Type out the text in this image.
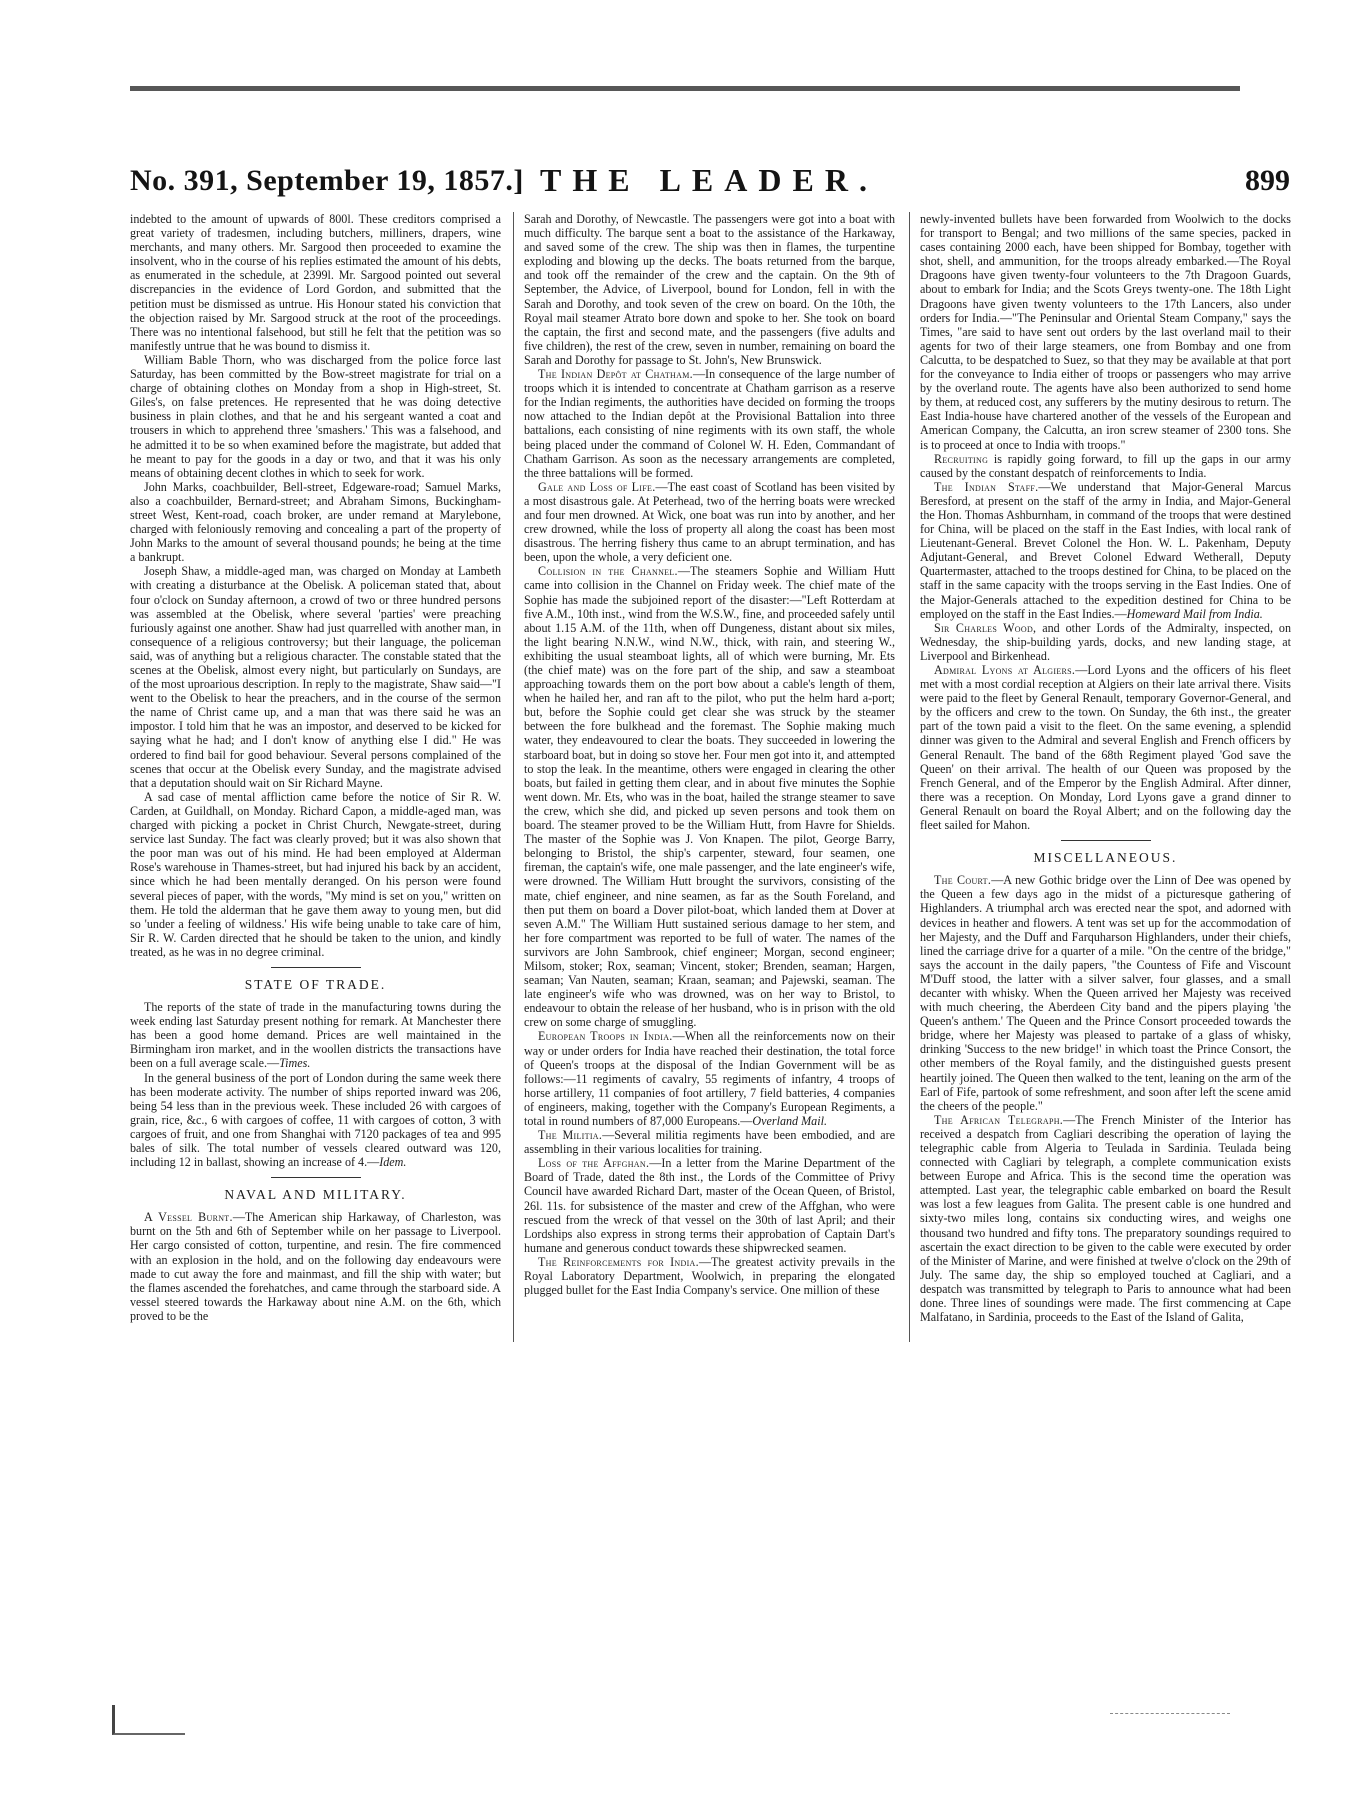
No. 391, September 19, 1857.] THE LEADER.	899

indebted to the amount of upwards of 800l. These creditors comprised a great variety of tradesmen, including butchers, milliners, drapers, wine merchants, and many others. Mr. Sargood then proceeded to examine the insolvent, who in the course of his replies estimated the amount of his debts, as enumerated in the schedule, at 2399l. Mr. Sargood pointed out several discrepancies in the evidence of Lord Gordon, and submitted that the petition must be dismissed as untrue. His Honour stated his conviction that the objection raised by Mr. Sargood struck at the root of the proceedings. There was no intentional falsehood, but still he felt that the petition was so manifestly untrue that he was bound to dismiss it.

William Bable Thorn, who was discharged from the police force last Saturday, has been committed by the Bow-street magistrate for trial on a charge of obtaining clothes on Monday from a shop in High-street, St. Giles's, on false pretences. He represented that he was doing detective business in plain clothes, and that he and his sergeant wanted a coat and trousers in which to apprehend three 'smashers.' This was a falsehood, and he admitted it to be so when examined before the magistrate, but added that he meant to pay for the goods in a day or two, and that it was his only means of obtaining decent clothes in which to seek for work.

John Marks, coachbuilder, Bell-street, Edgeware-road; Samuel Marks, also a coachbuilder, Bernard-street; and Abraham Simons, Buckingham-street West, Kent-road, coach broker, are under remand at Marylebone, charged with feloniously removing and concealing a part of the property of John Marks to the amount of several thousand pounds; he being at the time a bankrupt.

Joseph Shaw, a middle-aged man, was charged on Monday at Lambeth with creating a disturbance at the Obelisk. A policeman stated that, about four o'clock on Sunday afternoon, a crowd of two or three hundred persons was assembled at the Obelisk, where several 'parties' were preaching furiously against one another. Shaw had just quarrelled with another man, in consequence of a religious controversy; but their language, the policeman said, was of anything but a religious character. The constable stated that the scenes at the Obelisk, almost every night, but particularly on Sundays, are of the most uproarious description. In reply to the magistrate, Shaw said—"I went to the Obelisk to hear the preachers, and in the course of the sermon the name of Christ came up, and a man that was there said he was an impostor. I told him that he was an impostor, and deserved to be kicked for saying what he had; and I don't know of anything else I did." He was ordered to find bail for good behaviour. Several persons complained of the scenes that occur at the Obelisk every Sunday, and the magistrate advised that a deputation should wait on Sir Richard Mayne.

A sad case of mental affliction came before the notice of Sir R. W. Carden, at Guildhall, on Monday. Richard Capon, a middle-aged man, was charged with picking a pocket in Christ Church, Newgate-street, during service last Sunday. The fact was clearly proved; but it was also shown that the poor man was out of his mind. He had been employed at Alderman Rose's warehouse in Thames-street, but had injured his back by an accident, since which he had been mentally deranged. On his person were found several pieces of paper, with the words, "My mind is set on you," written on them. He told the alderman that he gave them away to young men, but did so 'under a feeling of wildness.' His wife being unable to take care of him, Sir R. W. Carden directed that he should be taken to the union, and kindly treated, as he was in no degree criminal.

STATE OF TRADE.

The reports of the state of trade in the manufacturing towns during the week ending last Saturday present nothing for remark. At Manchester there has been a good home demand. Prices are well maintained in the Birmingham iron market, and in the woollen districts the transactions have been on a full average scale.—Times.

In the general business of the port of London during the same week there has been moderate activity. The number of ships reported inward was 206, being 54 less than in the previous week. These included 26 with cargoes of grain, rice, &c., 6 with cargoes of coffee, 11 with cargoes of cotton, 3 with cargoes of fruit, and one from Shanghai with 7120 packages of tea and 995 bales of silk. The total number of vessels cleared outward was 120, including 12 in ballast, showing an increase of 4.—Idem.

NAVAL AND MILITARY.

A Vessel Burnt.—The American ship Harkaway, of Charleston, was burnt on the 5th and 6th of September while on her passage to Liverpool. Her cargo consisted of cotton, turpentine, and resin. The fire commenced with an explosion in the hold, and on the following day endeavours were made to cut away the fore and mainmast, and fill the ship with water; but the flames ascended the forehatches, and came through the starboard side. A vessel steered towards the Harkaway about nine A.M. on the 6th, which proved to be the

Sarah and Dorothy, of Newcastle. The passengers were got into a boat with much difficulty. The barque sent a boat to the assistance of the Harkaway, and saved some of the crew. The ship was then in flames, the turpentine exploding and blowing up the decks. The boats returned from the barque, and took off the remainder of the crew and the captain. On the 9th of September, the Advice, of Liverpool, bound for London, fell in with the Sarah and Dorothy, and took seven of the crew on board. On the 10th, the Royal mail steamer Atrato bore down and spoke to her. She took on board the captain, the first and second mate, and the passengers (five adults and five children), the rest of the crew, seven in number, remaining on board the Sarah and Dorothy for passage to St. John's, New Brunswick.

The Indian Depôt at Chatham.—In consequence of the large number of troops which it is intended to concentrate at Chatham garrison as a reserve for the Indian regiments, the authorities have decided on forming the troops now attached to the Indian depôt at the Provisional Battalion into three battalions, each consisting of nine regiments with its own staff, the whole being placed under the command of Colonel W. H. Eden, Commandant of Chatham Garrison. As soon as the necessary arrangements are completed, the three battalions will be formed.

Gale and Loss of Life.—The east coast of Scotland has been visited by a most disastrous gale. At Peterhead, two of the herring boats were wrecked and four men drowned. At Wick, one boat was run into by another, and her crew drowned, while the loss of property all along the coast has been most disastrous. The herring fishery thus came to an abrupt termination, and has been, upon the whole, a very deficient one.

Collision in the Channel.—The steamers Sophie and William Hutt came into collision in the Channel on Friday week. The chief mate of the Sophie has made the subjoined report of the disaster:—"Left Rotterdam at five A.M., 10th inst., wind from the W.S.W., fine, and proceeded safely until about 1.15 A.M. of the 11th, when off Dungeness, distant about six miles, the light bearing N.N.W., wind N.W., thick, with rain, and steering W., exhibiting the usual steamboat lights, all of which were burning, Mr. Ets (the chief mate) was on the fore part of the ship, and saw a steamboat approaching towards them on the port bow about a cable's length of them, when he hailed her, and ran aft to the pilot, who put the helm hard a-port; but, before the Sophie could get clear she was struck by the steamer between the fore bulkhead and the foremast. The Sophie making much water, they endeavoured to clear the boats. They succeeded in lowering the starboard boat, but in doing so stove her. Four men got into it, and attempted to stop the leak. In the meantime, others were engaged in clearing the other boats, but failed in getting them clear, and in about five minutes the Sophie went down. Mr. Ets, who was in the boat, hailed the strange steamer to save the crew, which she did, and picked up seven persons and took them on board. The steamer proved to be the William Hutt, from Havre for Shields. The master of the Sophie was J. Von Knapen. The pilot, George Barry, belonging to Bristol, the ship's carpenter, steward, four seamen, one fireman, the captain's wife, one male passenger, and the late engineer's wife, were drowned. The William Hutt brought the survivors, consisting of the mate, chief engineer, and nine seamen, as far as the South Foreland, and then put them on board a Dover pilot-boat, which landed them at Dover at seven A.M." The William Hutt sustained serious damage to her stem, and her fore compartment was reported to be full of water. The names of the survivors are John Sambrook, chief engineer; Morgan, second engineer; Milsom, stoker; Rox, seaman; Vincent, stoker; Brenden, seaman; Hargen, seaman; Van Nauten, seaman; Kraan, seaman; and Pajewski, seaman. The late engineer's wife who was drowned, was on her way to Bristol, to endeavour to obtain the release of her husband, who is in prison with the old crew on some charge of smuggling.

European Troops in India.—When all the reinforcements now on their way or under orders for India have reached their destination, the total force of Queen's troops at the disposal of the Indian Government will be as follows:—11 regiments of cavalry, 55 regiments of infantry, 4 troops of horse artillery, 11 companies of foot artillery, 7 field batteries, 4 companies of engineers, making, together with the Company's European Regiments, a total in round numbers of 87,000 Europeans.—Overland Mail.

The Militia.—Several militia regiments have been embodied, and are assembling in their various localities for training.

Loss of the Affghan.—In a letter from the Marine Department of the Board of Trade, dated the 8th inst., the Lords of the Committee of Privy Council have awarded Richard Dart, master of the Ocean Queen, of Bristol, 26l. 11s. for subsistence of the master and crew of the Affghan, who were rescued from the wreck of that vessel on the 30th of last April; and their Lordships also express in strong terms their approbation of Captain Dart's humane and generous conduct towards these shipwrecked seamen.

The Reinforcements for India.—The greatest activity prevails in the Royal Laboratory Department, Woolwich, in preparing the elongated plugged bullet for the East India Company's service. One million of these

newly-invented bullets have been forwarded from Woolwich to the docks for transport to Bengal; and two millions of the same species, packed in cases containing 2000 each, have been shipped for Bombay, together with shot, shell, and ammunition, for the troops already embarked.—The Royal Dragoons have given twenty-four volunteers to the 7th Dragoon Guards, about to embark for India; and the Scots Greys twenty-one. The 18th Light Dragoons have given twenty volunteers to the 17th Lancers, also under orders for India.—"The Peninsular and Oriental Steam Company," says the Times, "are said to have sent out orders by the last overland mail to their agents for two of their large steamers, one from Bombay and one from Calcutta, to be despatched to Suez, so that they may be available at that port for the conveyance to India either of troops or passengers who may arrive by the overland route. The agents have also been authorized to send home by them, at reduced cost, any sufferers by the mutiny desirous to return. The East India-house have chartered another of the vessels of the European and American Company, the Calcutta, an iron screw steamer of 2300 tons. She is to proceed at once to India with troops."

Recruiting is rapidly going forward, to fill up the gaps in our army caused by the constant despatch of reinforcements to India.

The Indian Staff.—We understand that Major-General Marcus Beresford, at present on the staff of the army in India, and Major-General the Hon. Thomas Ashburnham, in command of the troops that were destined for China, will be placed on the staff in the East Indies, with local rank of Lieutenant-General. Brevet Colonel the Hon. W. L. Pakenham, Deputy Adjutant-General, and Brevet Colonel Edward Wetherall, Deputy Quartermaster, attached to the troops destined for China, to be placed on the staff in the same capacity with the troops serving in the East Indies. One of the Major-Generals attached to the expedition destined for China to be employed on the staff in the East Indies.—Homeward Mail from India.

Sir Charles Wood, and other Lords of the Admiralty, inspected, on Wednesday, the ship-building yards, docks, and new landing stage, at Liverpool and Birkenhead.

Admiral Lyons at Algiers.—Lord Lyons and the officers of his fleet met with a most cordial reception at Algiers on their late arrival there. Visits were paid to the fleet by General Renault, temporary Governor-General, and by the officers and crew to the town. On Sunday, the 6th inst., the greater part of the town paid a visit to the fleet. On the same evening, a splendid dinner was given to the Admiral and several English and French officers by General Renault. The band of the 68th Regiment played 'God save the Queen' on their arrival. The health of our Queen was proposed by the French General, and of the Emperor by the English Admiral. After dinner, there was a reception. On Monday, Lord Lyons gave a grand dinner to General Renault on board the Royal Albert; and on the following day the fleet sailed for Mahon.

MISCELLANEOUS.

The Court.—A new Gothic bridge over the Linn of Dee was opened by the Queen a few days ago in the midst of a picturesque gathering of Highlanders. A triumphal arch was erected near the spot, and adorned with devices in heather and flowers. A tent was set up for the accommodation of her Majesty, and the Duff and Farquharson Highlanders, under their chiefs, lined the carriage drive for a quarter of a mile. "On the centre of the bridge," says the account in the daily papers, "the Countess of Fife and Viscount M'Duff stood, the latter with a silver salver, four glasses, and a small decanter with whisky. When the Queen arrived her Majesty was received with much cheering, the Aberdeen City band and the pipers playing 'the Queen's anthem.' The Queen and the Prince Consort proceeded towards the bridge, where her Majesty was pleased to partake of a glass of whisky, drinking 'Success to the new bridge!' in which toast the Prince Consort, the other members of the Royal family, and the distinguished guests present heartily joined. The Queen then walked to the tent, leaning on the arm of the Earl of Fife, partook of some refreshment, and soon after left the scene amid the cheers of the people."

The African Telegraph.—The French Minister of the Interior has received a despatch from Cagliari describing the operation of laying the telegraphic cable from Algeria to Teulada in Sardinia. Teulada being connected with Cagliari by telegraph, a complete communication exists between Europe and Africa. This is the second time the operation was attempted. Last year, the telegraphic cable embarked on board the Result was lost a few leagues from Galita. The present cable is one hundred and sixty-two miles long, contains six conducting wires, and weighs one thousand two hundred and fifty tons. The preparatory soundings required to ascertain the exact direction to be given to the cable were executed by order of the Minister of Marine, and were finished at twelve o'clock on the 29th of July. The same day, the ship so employed touched at Cagliari, and a despatch was transmitted by telegraph to Paris to announce what had been done. Three lines of soundings were made. The first commencing at Cape Malfatano, in Sardinia, proceeds to the East of the Island of Galita,
